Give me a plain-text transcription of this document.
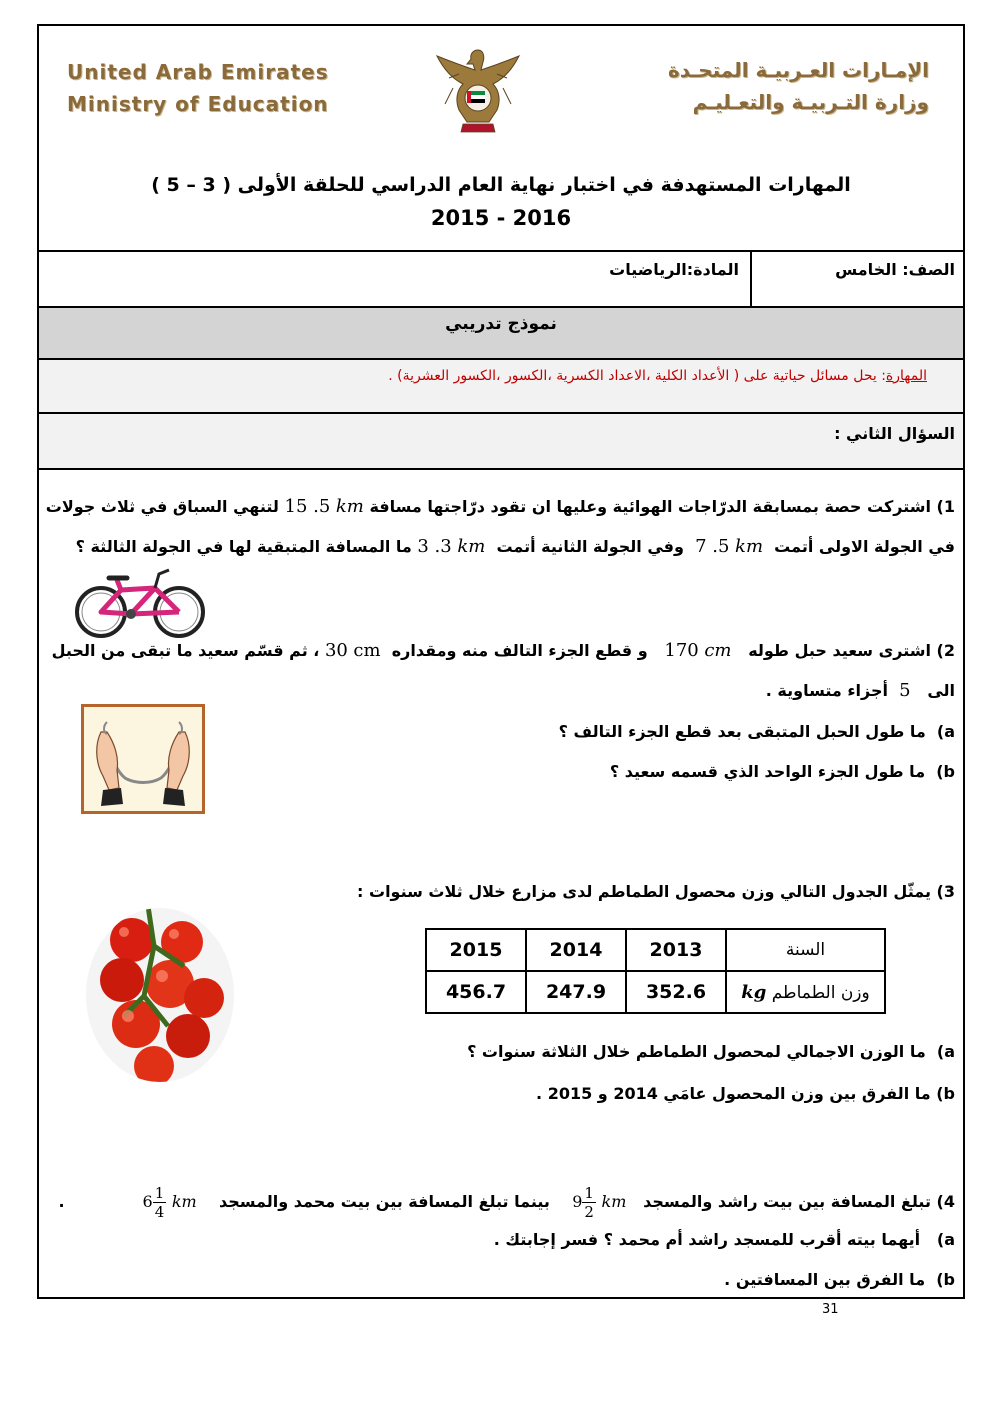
United Arab Emirates
Ministry of Education
الإمـارات العـربيـة المتحـدة
وزارة التـربيـة والتعـليـم
المهارات المستهدفة في اختبار نهاية العام الدراسي للحلقة الأولى ( 3 – 5 )
2015 - 2016
الصف: الخامس
المادة:الرياضيات
نموذج تدريبي
المهارة: يحل مسائل حياتية على ( الأعداد الكلية ،الاعداد الكسرية ،الكسور ،الكسور العشرية) .
السؤال الثاني :
1) اشتركت حصة بمسابقة الدرّاجات الهوائية وعليها ان تقود درّاجتها مسافة 15 .5 km لتنهي السباق في ثلاث جولات
في الجولة الاولى أتمت  7 .5 km  وفي الجولة الثانية أتمت  3 .3 km ما المسافة المتبقية لها في الجولة الثالثة ؟
2) اشترى سعيد حبل طوله   170 cm   و قطع الجزء التالف منه ومقداره  30 cm ، ثم قسّم سعيد ما تبقى من الحبل
الى   5  أجزاء متساوية .
a)  ما طول الحبل المتبقى بعد قطع الجزء التالف ؟
b)  ما طول الجزء الواحد الذي قسمه سعيد ؟
3) يمثّل الجدول التالي وزن محصول الطماطم لدى مزارع خلال ثلاث سنوات :
السنة	2013	2014	2015
وزن الطماطم kg	352.6	247.9	456.7
a)  ما الوزن الاجمالي لمحصول الطماطم خلال الثلاثة سنوات ؟
b) ما الفرق بين وزن المحصول عامَي 2014 و 2015 .
4) تبلغ المسافة بين بيت راشد والمسجد   $9 \frac{1}{2}$ km    بينما تبلغ المسافة بين بيت محمد والمسجد    $6 \frac{1}{4}$ km              .
a)   أيهما بيته أقرب للمسجد راشد أم محمد ؟ فسر إجابتك .
b)  ما الفرق بين المسافتين .
31
